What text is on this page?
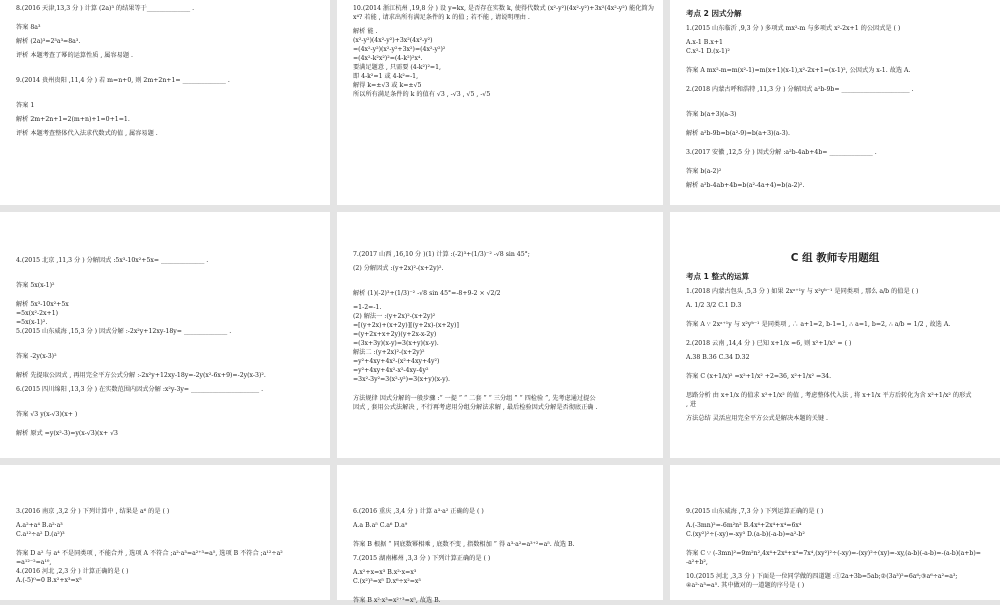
8.(2016 天津,13,3 分 ) 计算 (2a)³ 的结果等于______________ .
答案 8a³
解析 (2a)³=2³a³=8a³.
评析 本题考查了幂的运算性质 , 属容易题 .
9.(2014 贵州贵阳 ,11,4 分 ) 若 m=n+0, 则 2m+2n+1= ______________ .
答案 1
解析 2m+2n+1=2(m+n)+1=0+1=1.
评析 本题考查整体代入法求代数式的值 , 属容易题 .
10.(2014 浙江杭州 ,19,8 分 ) 设 y=kx, 是否存在实数 k, 使得代数式 (x²-y²)(4x²-y²)+3x²(4x²-y²) 能化简为
x⁴? 若能 , 请求出所有满足条件的 k 的值 ; 若不能 , 请说明理由 .
解析 能 .
(x²-y²)(4x²-y²)+3x²(4x²-y²)
=(4x²-y²)(x²-y²+3x²)=(4x²-y²)²
=(4x²-k²x²)²=(4-k²)²x⁴.
要满足题意 , 只需要 (4-k²)²=1,
即 4-k²=1 或 4-k²=-1,
解得 k=±√3 或 k=±√5
所以所有满足条件的 k 的值有 √3 , -√3 , √5 , -√5
考点 2 因式分解
1.(2015 山东临沂 ,9,3 分 ) 多项式 mx²-m 与多项式 x²-2x+1 的公因式是 ( )
A.x-1 B.x+1
C.x²-1 D.(x-1)²
答案 A mx²-m=m(x²-1)=m(x+1)(x-1),x²-2x+1=(x-1)², 公因式为 x-1. 故选 A.
2.(2018 内蒙古呼和浩特 ,11,3 分 ) 分解因式 a²b-9b= ______________________ .
答案 b(a+3)(a-3)
解析 a²b-9b=b(a²-9)=b(a+3)(a-3).
3.(2017 安徽 ,12,5 分 ) 因式分解 :a²b-4ab+4b= ______________ .
答案 b(a-2)²
解析 a²b-4ab+4b=b(a²-4a+4)=b(a-2)².
4.(2015 北京 ,11,3 分 ) 分解因式 :5x³-10x²+5x= ______________ .
答案 5x(x-1)²
解析 5x³-10x²+5x
=5x(x²-2x+1)
=5x(x-1)².
5.(2015 山东威海 ,15,3 分 ) 因式分解 :-2x²y+12xy-18y= ______________ .
答案 -2y(x-3)²
解析 先提取公因式 , 再用完全平方公式分解 :-2x²y+12xy-18y=-2y(x²-6x+9)=-2y(x-3)².
6.(2015 四川绵阳 ,13,3 分 ) 在实数范围内因式分解 :x²y-3y= ______________________ .
答案 √3 y(x-√3)(x+ )
解析 原式 =y(x²-3)=y(x-√3)(x+ √3
7.(2017 山西 ,16,10 分 )(1) 计算 :(-2)³+(1/3)⁻² -√8 sin 45°;
(2) 分解因式 :(y+2x)²-(x+2y)².
解析 (1)(-2)³+(1/3)⁻² -√8 sin 45°=-8+9-2 × √2/2
=1-2=-1.
(2) 解法一 :(y+2x)²-(x+2y)²
=[(y+2x)+(x+2y)][(y+2x)-(x+2y)]
=(y+2x+x+2y)(y+2x-x-2y)
=(3x+3y)(x-y)=3(x+y)(x-y).
解法二 :(y+2x)²-(x+2y)²
=y²+4xy+4x²-(x²+4xy+4y²)
=y²+4xy+4x²-x²-4xy-4y²
=3x²-3y²=3(x²-y²)=3(x+y)(x-y).
方法规律 因式分解的一般步骤 :“ 一提 ” “ 二套 ” “ 三分组 ” “ 四检验 ”, 先考虑通过提公
因式 , 套用公式法解决 , 不行再考虑用分组分解法求解 , 最后检验因式分解是否彻底正确 .
C 组 教师专用题组
考点 1 整式的运算
1.(2018 内蒙古包头 ,5,3 分 ) 如果 2xᵃ⁺¹y 与 x²yᵇ⁻¹ 是同类项 , 那么 a/b 的值是 ( )
A. 1/2 3/2 C.1 D.3
答案 A ∵ 2xᵃ⁺¹y 与 x²yᵇ⁻¹ 是同类项 , ∴ a+1=2, b-1=1, ∴ a=1, b=2, ∴ a/b = 1/2 , 故选 A.
2.(2018 云南 ,14,4 分 ) 已知 x+1/x =6, 则 x²+1/x² = ( )
A.38 B.36 C.34 D.32
答案 C (x+1/x)² =x²+1/x² +2=36, x²+1/x² =34.
思路分析 由 x+1/x 的值求 x²+1/x² 的值 , 考虑整体代入法 , 将 x+1/x 平方后转化为含 x²+1/x² 的形式
, 进
方法总结 灵活应用完全平方公式是解决本题的关键 .
3.(2016 南京 ,3,2 分 ) 下列计算中 , 结果是 a⁶ 的是 ( )
A.a²+a⁴ B.a²·a³
C.a¹²÷a² D.(a²)³
答案 D a² 与 a⁴ 不是同类项 , 不能合并 , 选项 A 不符合 ;a²·a³=a²⁺³=a⁵, 选项 B 不符合 ;a¹²÷a²
=a¹²⁻²=a¹⁰,
4.(2016 河北 ,2,3 分 ) 计算正确的是 ( )
A.(-5)⁰=0 B.x²+x³=x⁵
6.(2016 重庆 ,3,4 分 ) 计算 a³·a² 正确的是 ( )
A.a B.a⁵ C.a⁶ D.a⁹
答案 B 根据 “ 同底数幂相乘 , 底数不变 , 指数相加 ” 得 a³·a²=a³⁺²=a⁵. 故选 B.
7.(2015 湖南郴州 ,3,3 分 ) 下列计算正确的是 ( )
A.x²+x=x³ B.x²·x=x³
C.(x²)³=x⁵ D.x⁶÷x²=x³
答案 B x²·x³=x²⁺³=x⁵, 故选 B.
9.(2015 山东威海 ,7,3 分 ) 下列运算正确的是 ( )
A.(-3mn)²=-6m²n² B.4x⁴+2x⁴+x⁴=6x⁴
C.(xy²)²÷(-xy)=-xy³ D.(a-b)(-a-b)=a²-b²
答案 C ∵ (-3mn)²=9m²n²,4x⁴+2x⁴+x⁴=7x⁴,(xy²)²÷(-xy)=-(xy)²÷(xy)=-xy,(a-b)(-a-b)=-(a-b)(a+b)=
-a²+b²,
10.(2015 河北 ,3,3 分 ) 下面是一位同学做的四道题 :①2a+3b=5ab;②(3a³)²=6a⁶;③a⁶÷a²=a³;
④a²·a³=a⁵. 其中做对的一道题的序号是 ( )
